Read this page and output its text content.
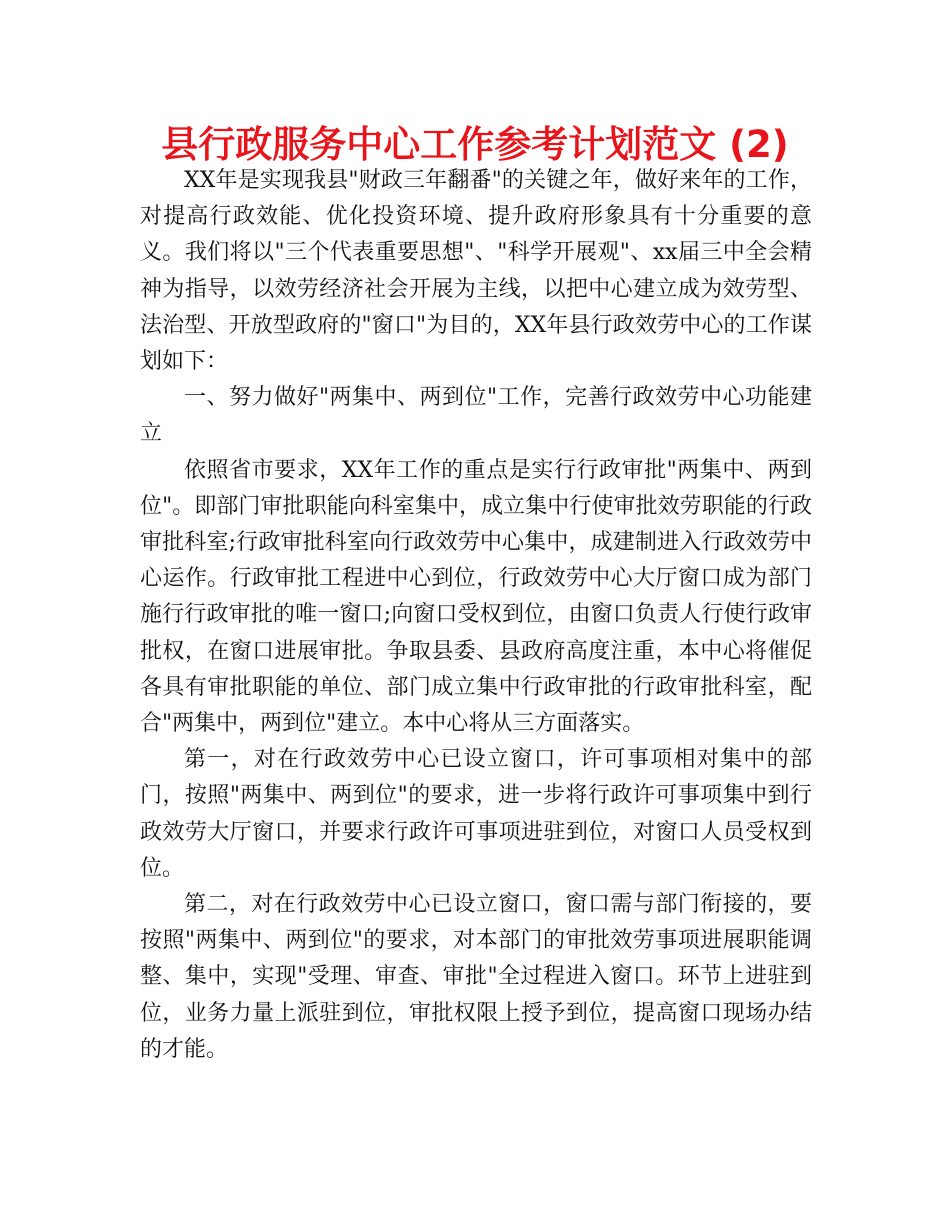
县行政服务中心工作参考计划范文 (2)

XX年是实现我县"财政三年翻番"的关键之年，做好来年的工作，对提高行政效能、优化投资环境、提升政府形象具有十分重要的意义。我们将以"三个代表重要思想"、"科学开展观"、xx届三中全会精神为指导，以效劳经济社会开展为主线，以把中心建立成为效劳型、法治型、开放型政府的"窗口"为目的，XX年县行政效劳中心的工作谋划如下：

一、努力做好"两集中、两到位"工作，完善行政效劳中心功能建立

依照省市要求，XX年工作的重点是实行行政审批"两集中、两到位"。即部门审批职能向科室集中，成立集中行使审批效劳职能的行政审批科室;行政审批科室向行政效劳中心集中，成建制进入行政效劳中心运作。行政审批工程进中心到位，行政效劳中心大厅窗口成为部门施行行政审批的唯一窗口;向窗口受权到位，由窗口负责人行使行政审批权，在窗口进展审批。争取县委、县政府高度注重，本中心将催促各具有审批职能的单位、部门成立集中行政审批的行政审批科室，配合"两集中，两到位"建立。本中心将从三方面落实。

第一，对在行政效劳中心已设立窗口，许可事项相对集中的部门，按照"两集中、两到位"的要求，进一步将行政许可事项集中到行政效劳大厅窗口，并要求行政许可事项进驻到位，对窗口人员受权到位。

第二，对在行政效劳中心已设立窗口，窗口需与部门衔接的，要按照"两集中、两到位"的要求，对本部门的审批效劳事项进展职能调整、集中，实现"受理、审查、审批"全过程进入窗口。环节上进驻到位，业务力量上派驻到位，审批权限上授予到位，提高窗口现场办结的才能。
